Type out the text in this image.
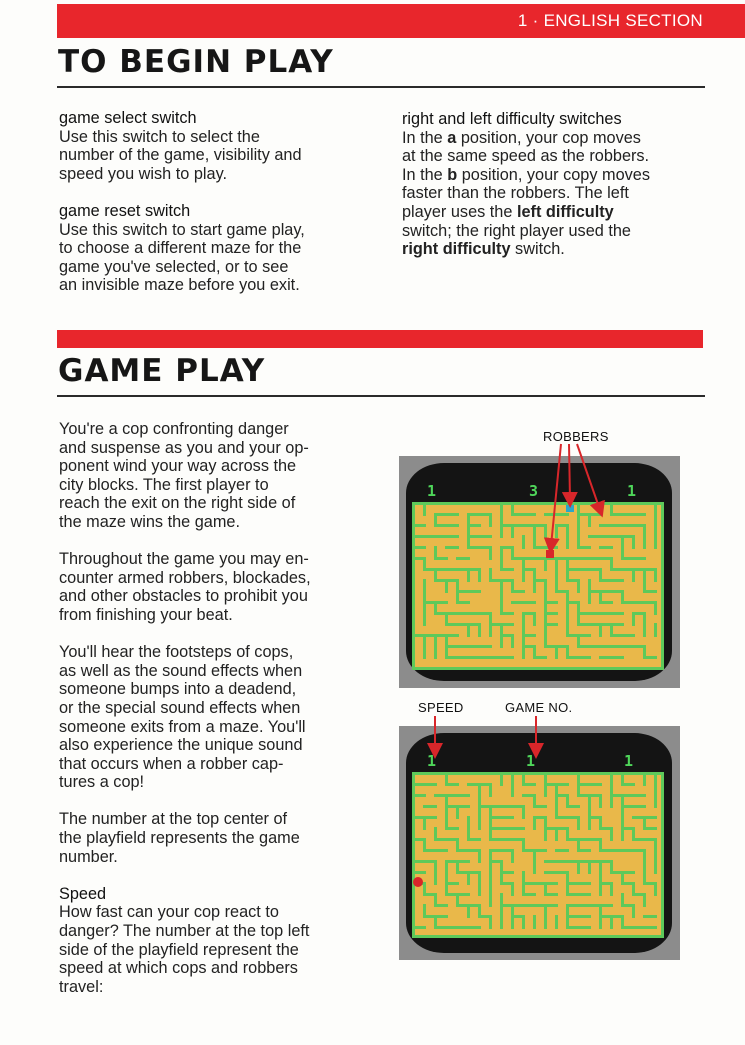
1 · ENGLISH SECTION
TO BEGIN PLAY

game select switch

Use this switch to select the

number of the game, visibility and

speed you wish to play.

game reset switch

Use this switch to start game play,

to choose a different maze for the

game you've selected, or to see

an invisible maze before you exit.

right and left difficulty switches

In the a position, your cop moves

at the same speed as the robbers.

In the b position, your copy moves

faster than the robbers. The left

player uses the left difficulty

switch; the right player used the

right difficulty switch.

GAME PLAY

You're a cop confronting danger

and suspense as you and your op-

ponent wind your way across the

city blocks. The first player to

reach the exit on the right side of

the maze wins the game.

Throughout the game you may en-

counter armed robbers, blockades,

and other obstacles to prohibit you

from finishing your beat.

You'll hear the footsteps of cops,

as well as the sound effects when

someone bumps into a deadend,

or the special sound effects when

someone exits from a maze. You'll

also experience the unique sound

that occurs when a robber cap-

tures a cop!

The number at the top center of

the playfield represents the game

number.

Speed

How fast can your cop react to

danger? The number at the top left

side of the playfield represent the

speed at which cops and robbers

travel:

ROBBERS
SPEED	GAME NO.
1	3	1
1	1	1
